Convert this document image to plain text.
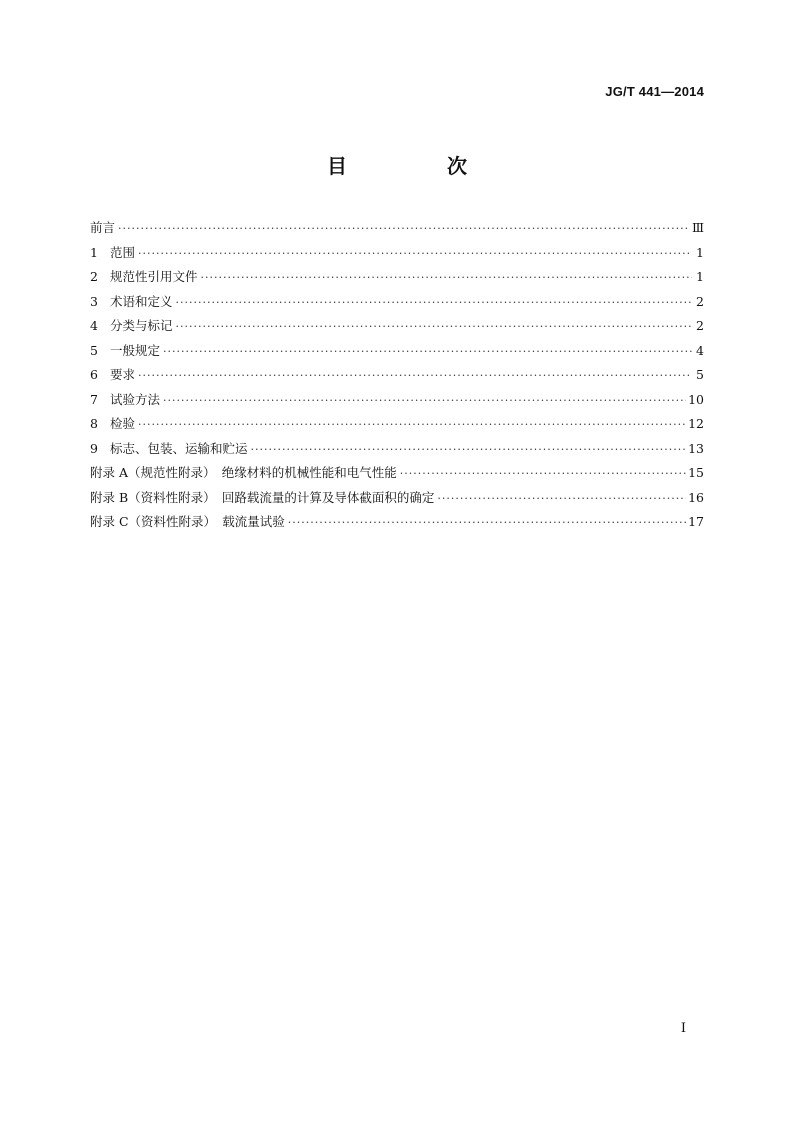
JG/T 441—2014
目　次
前言 ·····	Ⅲ
1 范围 ·····	1
2 规范性引用文件 ·····	1
3 术语和定义 ·····	2
4 分类与标记 ·····	2
5 一般规定 ·····	4
6 要求 ·····	5
7 试验方法 ·····	10
8 检验 ·····	12
9 标志、包装、运输和贮运 ·····	13
附录 A（规范性附录）　绝缘材料的机械性能和电气性能 ·····	15
附录 B（资料性附录）　回路载流量的计算及导体截面积的确定 ·····	16
附录 C（资料性附录）　载流量试验 ·····	17
I
